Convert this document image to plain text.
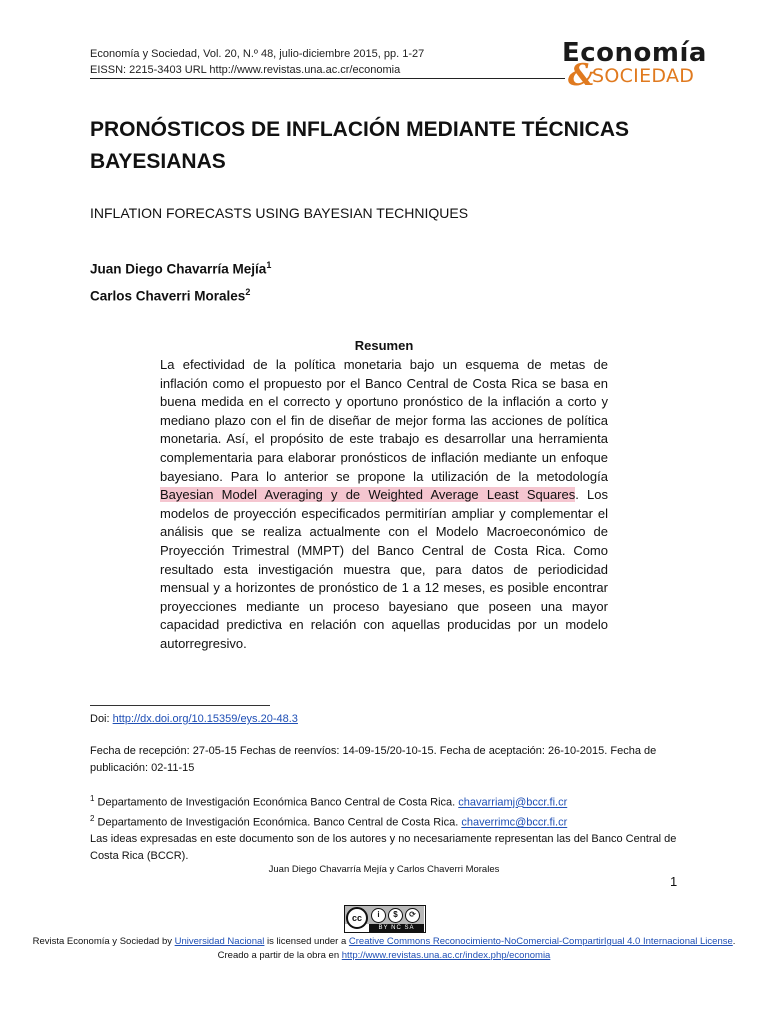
Economía y Sociedad, Vol. 20, N.º 48, julio-diciembre 2015, pp. 1-27
EISSN: 2215-3403 URL http://www.revistas.una.ac.cr/economia
Economía
&
SOCIEDAD
PRONÓSTICOS DE INFLACIÓN MEDIANTE TÉCNICAS
BAYESIANAS
INFLATION FORECASTS USING BAYESIAN TECHNIQUES
Juan Diego Chavarría Mejía$^1$
Carlos Chaverri Morales$^2$
Resumen
La efectividad de la política monetaria bajo un esquema de metas de inflación como el propuesto por el Banco Central de Costa Rica se basa en buena medida en el correcto y oportuno pronóstico de la inflación a corto y mediano plazo con el fin de diseñar de mejor forma las acciones de política monetaria. Así, el propósito de este trabajo es desarrollar una herramienta complementaria para elaborar pronósticos de inflación mediante un enfoque bayesiano. Para lo anterior se propone la utilización de la metodología Bayesian Model Averaging y de Weighted Average Least Squares. Los modelos de proyección especificados permitirían ampliar y complementar el análisis que se realiza actualmente con el Modelo Macroeconómico de Proyección Trimestral (MMPT) del Banco Central de Costa Rica. Como resultado esta investigación muestra que, para datos de periodicidad mensual y a horizontes de pronóstico de 1 a 12 meses, es posible encontrar proyecciones mediante un proceso bayesiano que poseen una mayor capacidad predictiva en relación con aquellas producidas por un modelo autorregresivo.
Doi: http://dx.doi.org/10.15359/eys.20-48.3
Fecha de recepción: 27-05-15 Fechas de reenvíos: 14-09-15/20-10-15. Fecha de aceptación: 26-10-2015. Fecha de publicación: 02-11-15
$^1$ Departamento de Investigación Económica Banco Central de Costa Rica. chavarriamj@bccr.fi.cr
$^2$ Departamento de Investigación Económica. Banco Central de Costa Rica. chaverrimc@bccr.fi.cr
Las ideas expresadas en este documento son de los autores y no necesariamente representan las del Banco Central de Costa Rica (BCCR).
1
Juan Diego Chavarría Mejía y Carlos Chaverri Morales
cc	i	$	⟳
BY NC SA
Revista Economía y Sociedad by Universidad Nacional is licensed under a Creative Commons Reconocimiento-NoComercial-CompartirIgual 4.0 Internacional License.
Creado a partir de la obra en http://www.revistas.una.ac.cr/index.php/economia
